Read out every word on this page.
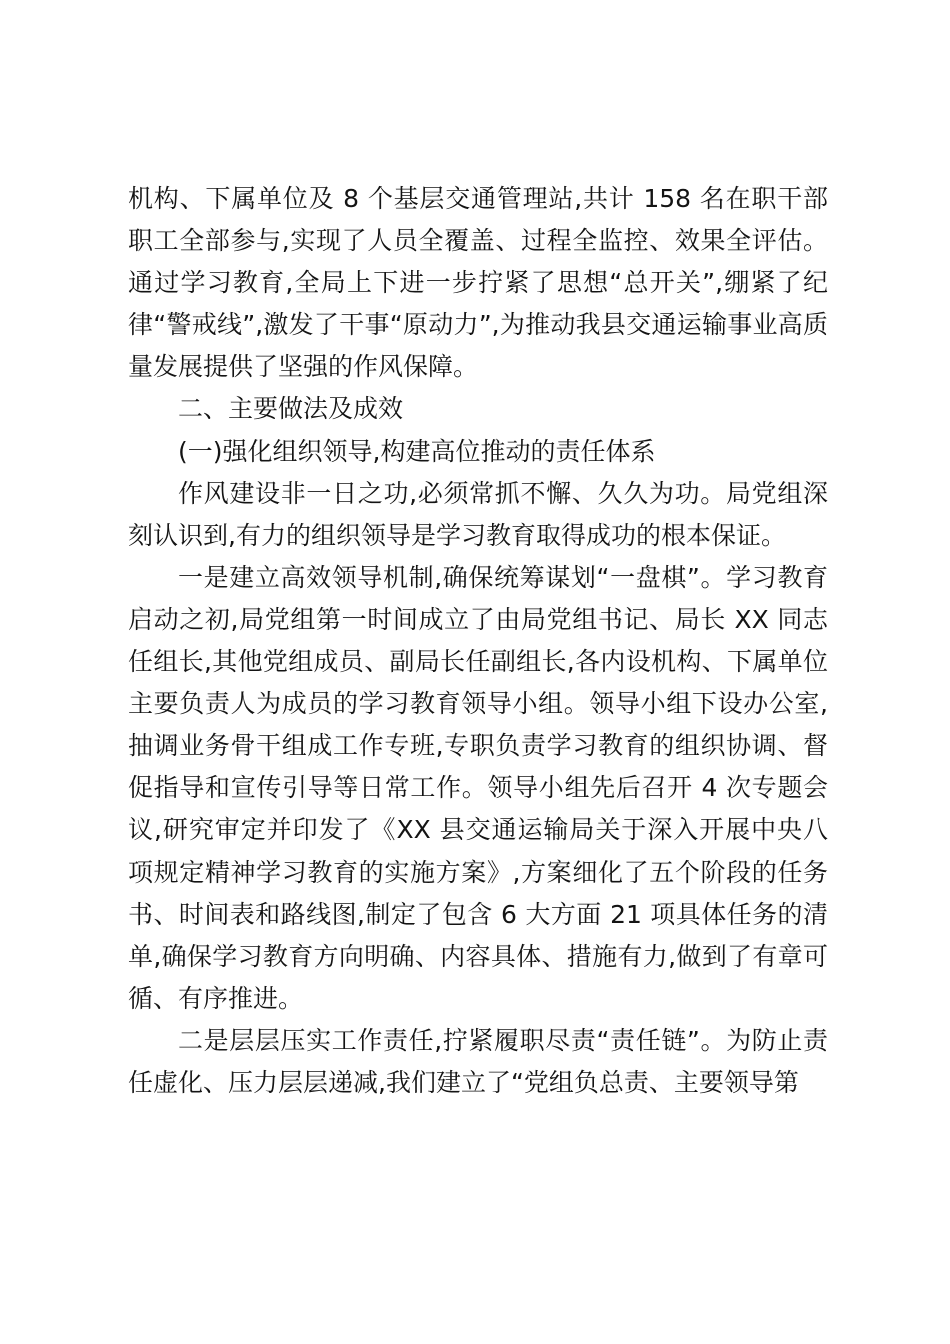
机构、下属单位及 8 个基层交通管理站,共计 158 名在职干部职工全部参与,实现了人员全覆盖、过程全监控、效果全评估。通过学习教育,全局上下进一步拧紧了思想“总开关”,绷紧了纪律“警戒线”,激发了干事“原动力”,为推动我县交通运输事业高质量发展提供了坚强的作风保障。

二、主要做法及成效

(一)强化组织领导,构建高位推动的责任体系

作风建设非一日之功,必须常抓不懈、久久为功。局党组深刻认识到,有力的组织领导是学习教育取得成功的根本保证。

一是建立高效领导机制,确保统筹谋划“一盘棋”。学习教育启动之初,局党组第一时间成立了由局党组书记、局长 XX 同志任组长,其他党组成员、副局长任副组长,各内设机构、下属单位主要负责人为成员的学习教育领导小组。领导小组下设办公室,抽调业务骨干组成工作专班,专职负责学习教育的组织协调、督促指导和宣传引导等日常工作。领导小组先后召开 4 次专题会议,研究审定并印发了《XX 县交通运输局关于深入开展中央八项规定精神学习教育的实施方案》,方案细化了五个阶段的任务书、时间表和路线图,制定了包含 6 大方面 21 项具体任务的清单,确保学习教育方向明确、内容具体、措施有力,做到了有章可循、有序推进。

二是层层压实工作责任,拧紧履职尽责“责任链”。为防止责任虚化、压力层层递减,我们建立了“党组负总责、主要领导第
